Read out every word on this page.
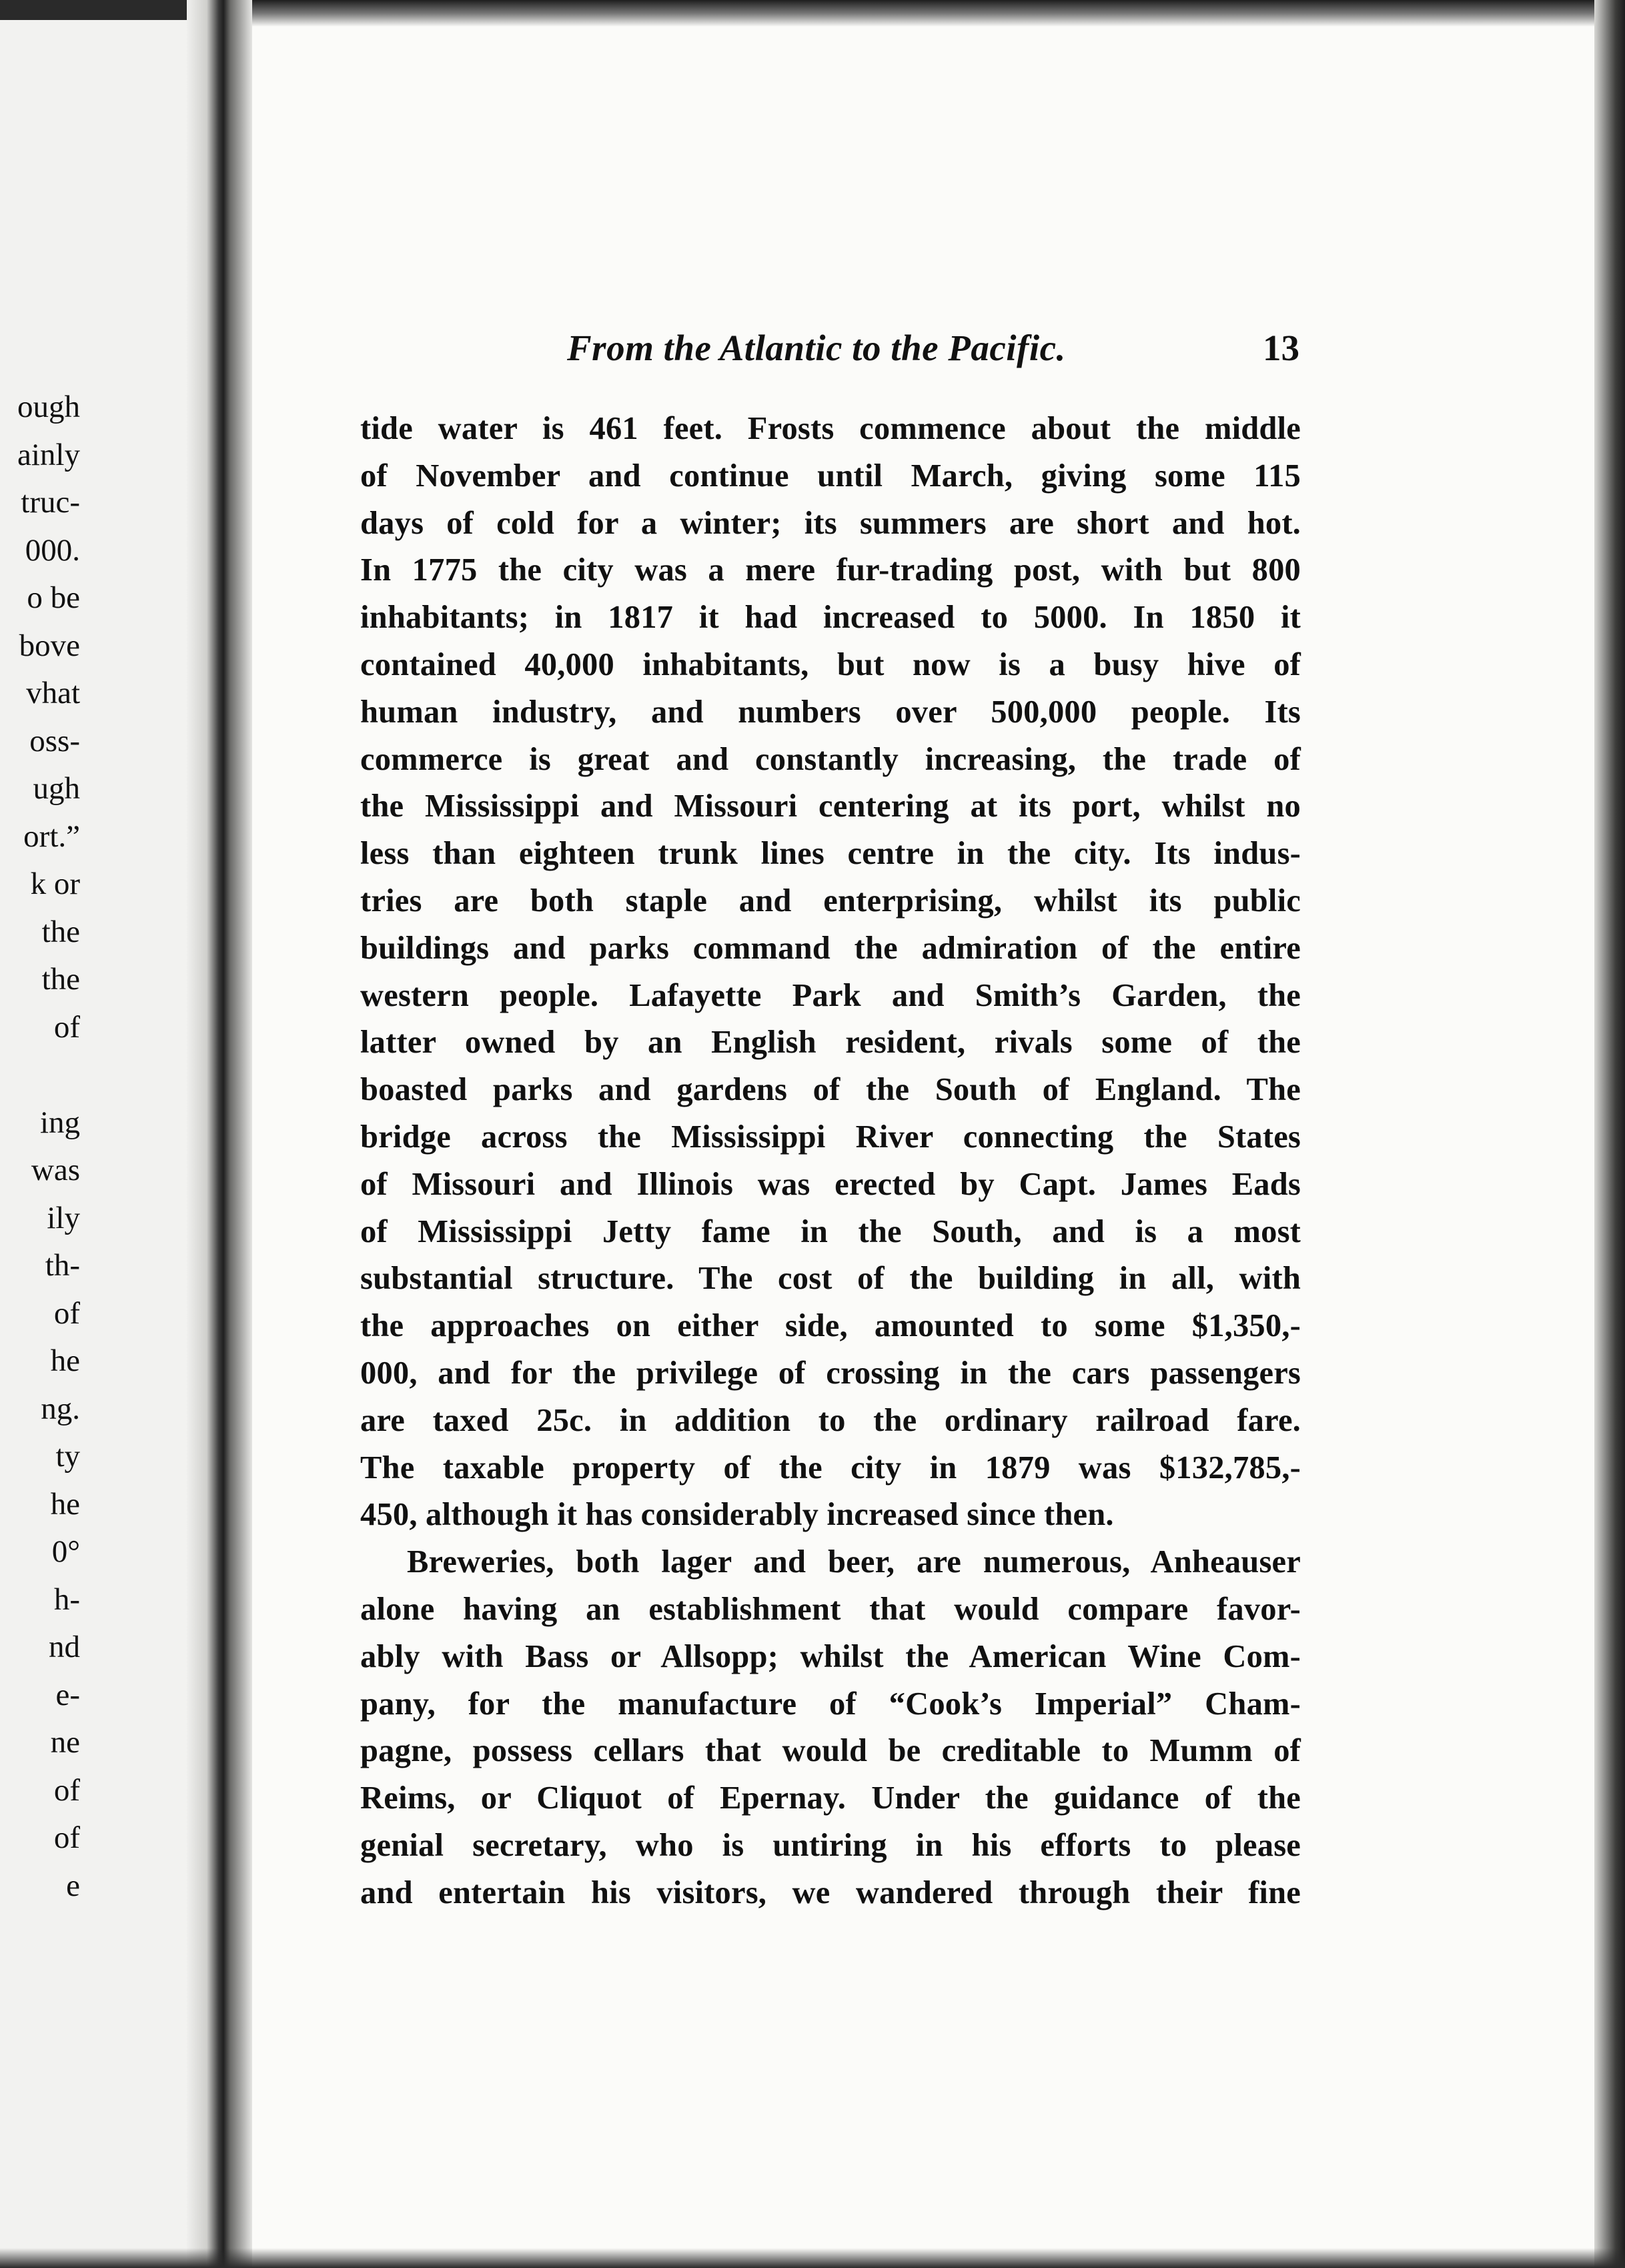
ough
ainly
truc-
000.
o be
bove
vhat
oss-
ugh
ort.”
k or
the
the
of
ing
was
ily
th-
of
he
ng.
ty
he
0°
h-
nd
e-
ne
of
of
e
From the Atlantic to the Pacific.	13
tide water is 461 feet. Frosts commence about the middle
of November and continue until March, giving some 115
days of cold for a winter; its summers are short and hot.
In 1775 the city was a mere fur-trading post, with but 800
inhabitants; in 1817 it had increased to 5000. In 1850 it
contained 40,000 inhabitants, but now is a busy hive of
human industry, and numbers over 500,000 people. Its
commerce is great and constantly increasing, the trade of
the Mississippi and Missouri centering at its port, whilst no
less than eighteen trunk lines centre in the city. Its indus-
tries are both staple and enterprising, whilst its public
buildings and parks command the admiration of the entire
western people. Lafayette Park and Smith’s Garden, the
latter owned by an English resident, rivals some of the
boasted parks and gardens of the South of England. The
bridge across the Mississippi River connecting the States
of Missouri and Illinois was erected by Capt. James Eads
of Mississippi Jetty fame in the South, and is a most
substantial structure. The cost of the building in all, with
the approaches on either side, amounted to some $1,350,-
000, and for the privilege of crossing in the cars passengers
are taxed 25c. in addition to the ordinary railroad fare.
The taxable property of the city in 1879 was $132,785,-
450, although it has considerably increased since then.
Breweries, both lager and beer, are numerous, Anheauser
alone having an establishment that would compare favor-
ably with Bass or Allsopp; whilst the American Wine Com-
pany, for the manufacture of “Cook’s Imperial” Cham-
pagne, possess cellars that would be creditable to Mumm of
Reims, or Cliquot of Epernay. Under the guidance of the
genial secretary, who is untiring in his efforts to please
and entertain his visitors, we wandered through their fine
